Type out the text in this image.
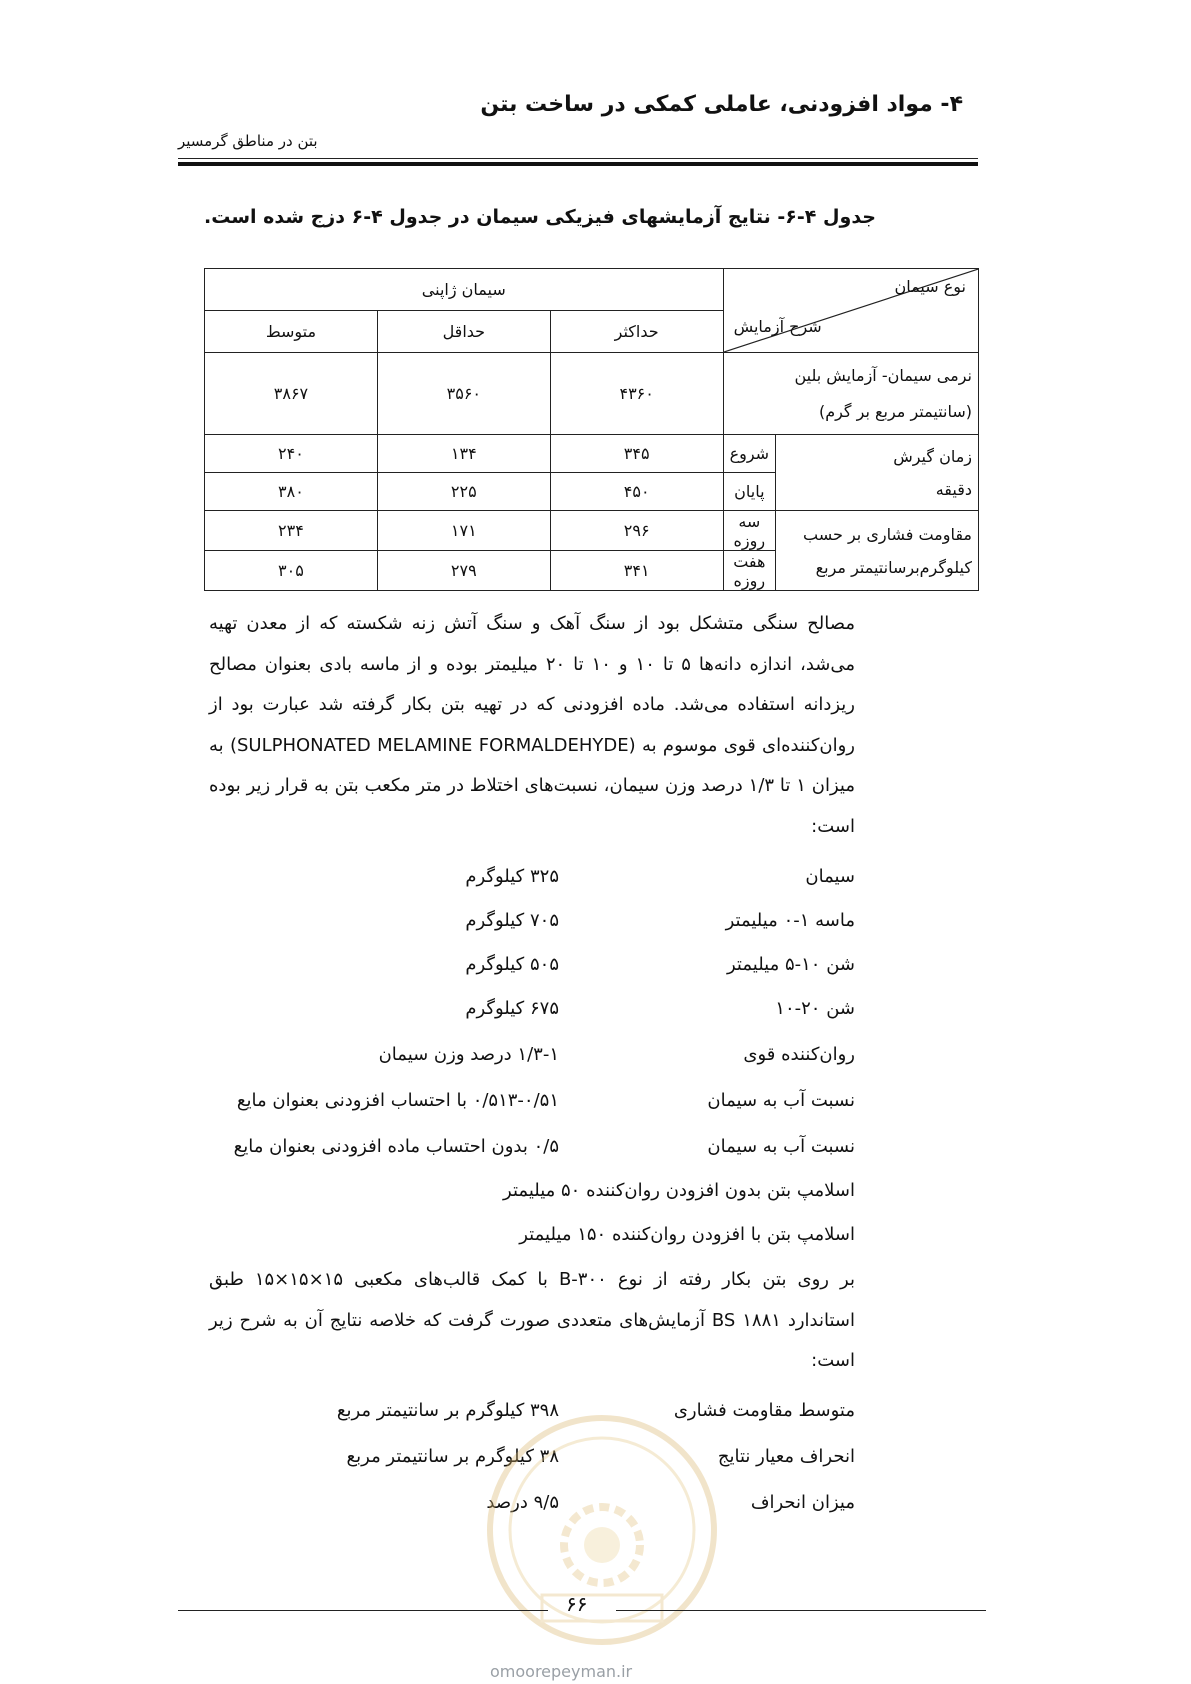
۴- مواد افزودنی، عاملی کمکی در ساخت بتن
بتن در مناطق گرمسیر
جدول ۴-۶- نتایج آزمایشهای فیزیکی سیمان در جدول ۴-۶ دزج شده است.
نوع سیمان
شرح آزمایش		سیمان ژاپنی		
		حداکثر	حداقل	متوسط

نرمی سیمان- آزمایش بلین
(سانتیمتر مربع بر گرم)		۴۳۶۰	۳۵۶۰	۳۸۶۷

زمان گیرش
دقیقه	شروع	۳۴۵	۱۳۴	۲۴۰
	پایان	۴۵۰	۲۲۵	۳۸۰

مقاومت فشاری بر حسب
کیلوگرم‌برسانتیمتر مربع	سه روزه	۲۹۶	۱۷۱	۲۳۴
	هفت روزه	۳۴۱	۲۷۹	۳۰۵
مصالح سنگی متشکل بود از سنگ آهک و سنگ آتش زنه شکسته که از معدن تهیه می‌شد، اندازه دانه‌ها ۵ تا ۱۰ و ۱۰ تا ۲۰ میلیمتر بوده و از ماسه بادی بعنوان مصالح ریزدانه استفاده می‌شد. ماده افزودنی که در تهیه بتن بکار گرفته شد عبارت بود از روان‌کننده‌ای قوی موسوم به (SULPHONATED MELAMINE FORMALDEHYDE) به میزان ۱ تا ۱/۳ درصد وزن سیمان، نسبت‌های اختلاط در متر مکعب بتن به قرار زیر بوده است:
سیمان
۳۲۵ کیلوگرم
ماسه ۱-۰ میلیمتر
۷۰۵ کیلوگرم
شن ۱۰-۵ میلیمتر
۵۰۵ کیلوگرم
شن ۲۰-۱۰
۶۷۵ کیلوگرم
روان‌کننده قوی
۱/۳-۱ درصد وزن سیمان
نسبت آب به سیمان
۰/۵۱۳-۰/۵۱ با احتساب افزودنی بعنوان مایع
نسبت آب به سیمان
۰/۵ بدون احتساب ماده افزودنی بعنوان مایع
اسلامپ بتن بدون افزودن روان‌کننده ۵۰ میلیمتر
اسلامپ بتن با افزودن روان‌کننده ۱۵۰ میلیمتر
بر روی بتن بکار رفته از نوع B-۳۰۰ با کمک قالب‌های مکعبی ۱۵×۱۵×۱۵ طبق استاندارد BS ۱۸۸۱ آزمایش‌های متعددی صورت گرفت که خلاصه نتایج آن به شرح زیر است:
متوسط مقاومت فشاری
۳۹۸ کیلوگرم بر سانتیمتر مربع
انحراف معیار نتایج
۳۸ کیلوگرم بر سانتیمتر مربع
میزان انحراف
۹/۵ درصد
۶۶
omoorepeyman.ir
